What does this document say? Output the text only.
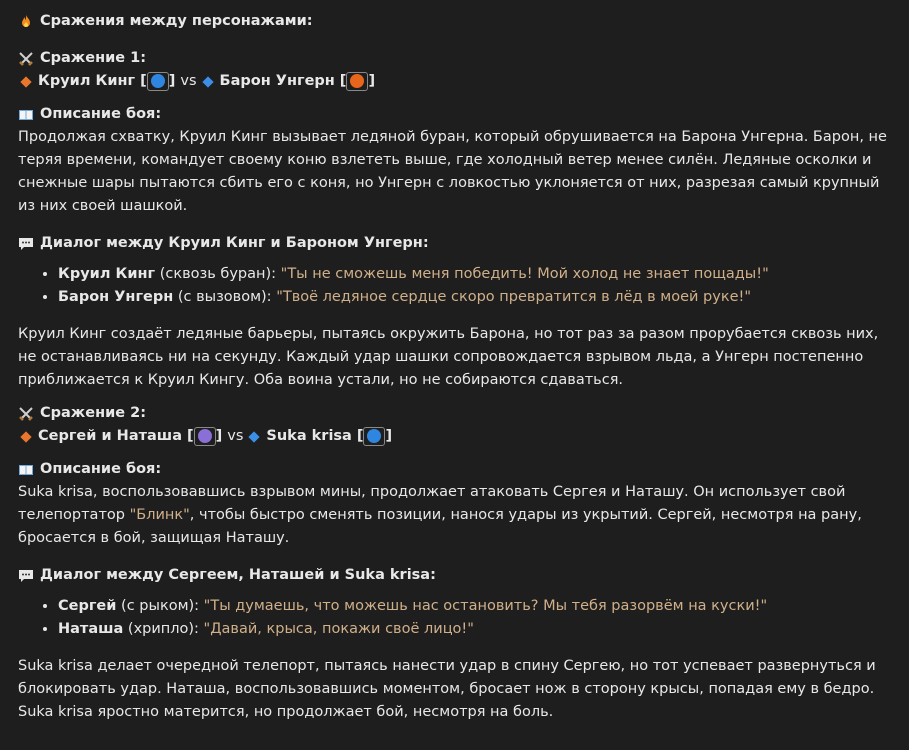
Сражения между персонажами:
Сражение 1:
Круил Кинг [ ] vs Барон Унгерн [ ]
Описание боя:
Продолжая схватку, Круил Кинг вызывает ледяной буран, который обрушивается на Барона Унгерна. Барон, не теряя времени, командует своему коню взлететь выше, где холодный ветер менее силён. Ледяные осколки и снежные шары пытаются сбить его с коня, но Унгерн с ловкостью уклоняется от них, разрезая самый крупный из них своей шашкой.
Диалог между Круил Кинг и Бароном Унгерн:
• Круил Кинг (сквозь буран): "Ты не сможешь меня победить! Мой холод не знает пощады!"
• Барон Унгерн (с вызовом): "Твоё ледяное сердце скоро превратится в лёд в моей руке!"
Круил Кинг создаёт ледяные барьеры, пытаясь окружить Барона, но тот раз за разом прорубается сквозь них, не останавливаясь ни на секунду. Каждый удар шашки сопровождается взрывом льда, а Унгерн постепенно приближается к Круил Кингу. Оба воина устали, но не собираются сдаваться.
Сражение 2:
Сергей и Наташа [ ] vs Suka krisa [ ]
Описание боя:
Suka krisa, воспользовавшись взрывом мины, продолжает атаковать Сергея и Наташу. Он использует свой телепортатор "Блинк", чтобы быстро сменять позиции, нанося удары из укрытий. Сергей, несмотря на рану, бросается в бой, защищая Наташу.
Диалог между Сергеем, Наташей и Suka krisa:
• Сергей (с рыком): "Ты думаешь, что можешь нас остановить? Мы тебя разорвём на куски!"
• Наташа (хрипло): "Давай, крыса, покажи своё лицо!"
Suka krisa делает очередной телепорт, пытаясь нанести удар в спину Сергею, но тот успевает развернуться и блокировать удар. Наташа, воспользовавшись моментом, бросает нож в сторону крысы, попадая ему в бедро. Suka krisa яростно матерится, но продолжает бой, несмотря на боль.
